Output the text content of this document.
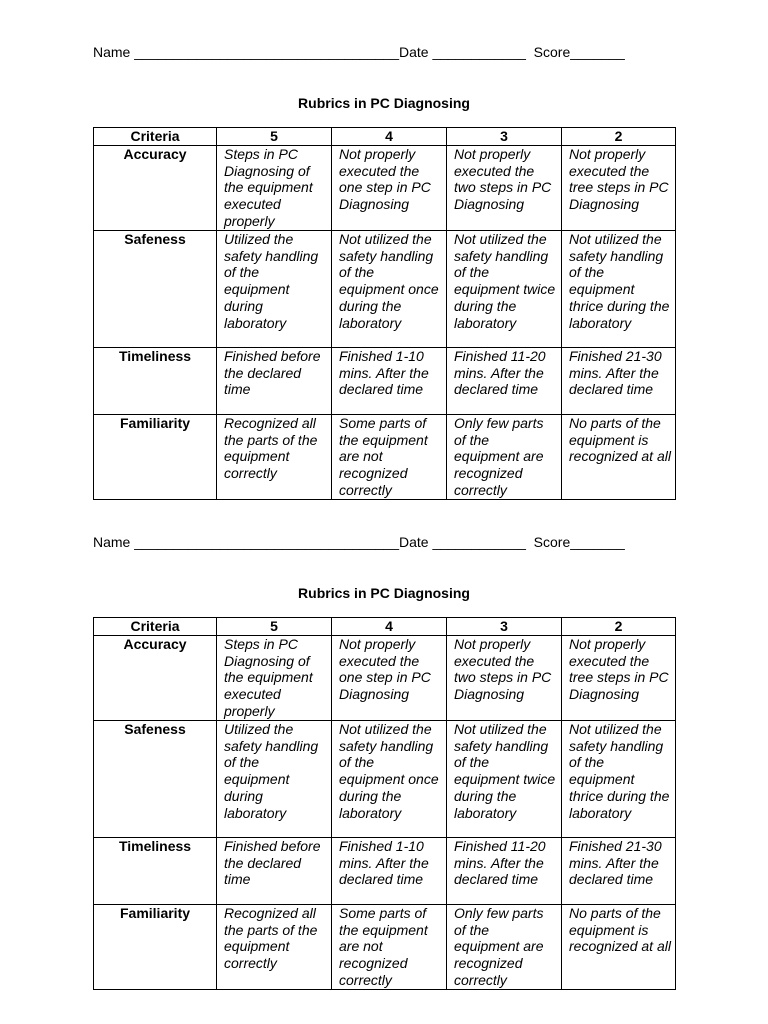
Name __________________________________Date ____________ Score_______
Rubrics in PC Diagnosing
Criteria	5	4	3	2
Accuracy	Steps in PC Diagnosing of the equipment executed properly	Not properly executed the one step in PC Diagnosing	Not properly executed the two steps in PC Diagnosing	Not properly executed the tree steps in PC Diagnosing
Safeness	Utilized the safety handling of the equipment during laboratory	Not utilized the safety handling of the equipment once during the laboratory	Not utilized the safety handling of the equipment twice during the laboratory	Not utilized the safety handling of the equipment thrice during the laboratory
Timeliness	Finished before the declared time	Finished 1-10 mins. After the declared time	Finished 11-20 mins. After the declared time	Finished 21-30 mins. After the declared time
Familiarity	Recognized all the parts of the equipment correctly	Some parts of the equipment are not recognized correctly	Only few parts of the equipment are recognized correctly	No parts of the equipment is recognized at all
Name __________________________________Date ____________ Score_______
Rubrics in PC Diagnosing
Criteria	5	4	3	2
Accuracy	Steps in PC Diagnosing of the equipment executed properly	Not properly executed the one step in PC Diagnosing	Not properly executed the two steps in PC Diagnosing	Not properly executed the tree steps in PC Diagnosing
Safeness	Utilized the safety handling of the equipment during laboratory	Not utilized the safety handling of the equipment once during the laboratory	Not utilized the safety handling of the equipment twice during the laboratory	Not utilized the safety handling of the equipment thrice during the laboratory
Timeliness	Finished before the declared time	Finished 1-10 mins. After the declared time	Finished 11-20 mins. After the declared time	Finished 21-30 mins. After the declared time
Familiarity	Recognized all the parts of the equipment correctly	Some parts of the equipment are not recognized correctly	Only few parts of the equipment are recognized correctly	No parts of the equipment is recognized at all
